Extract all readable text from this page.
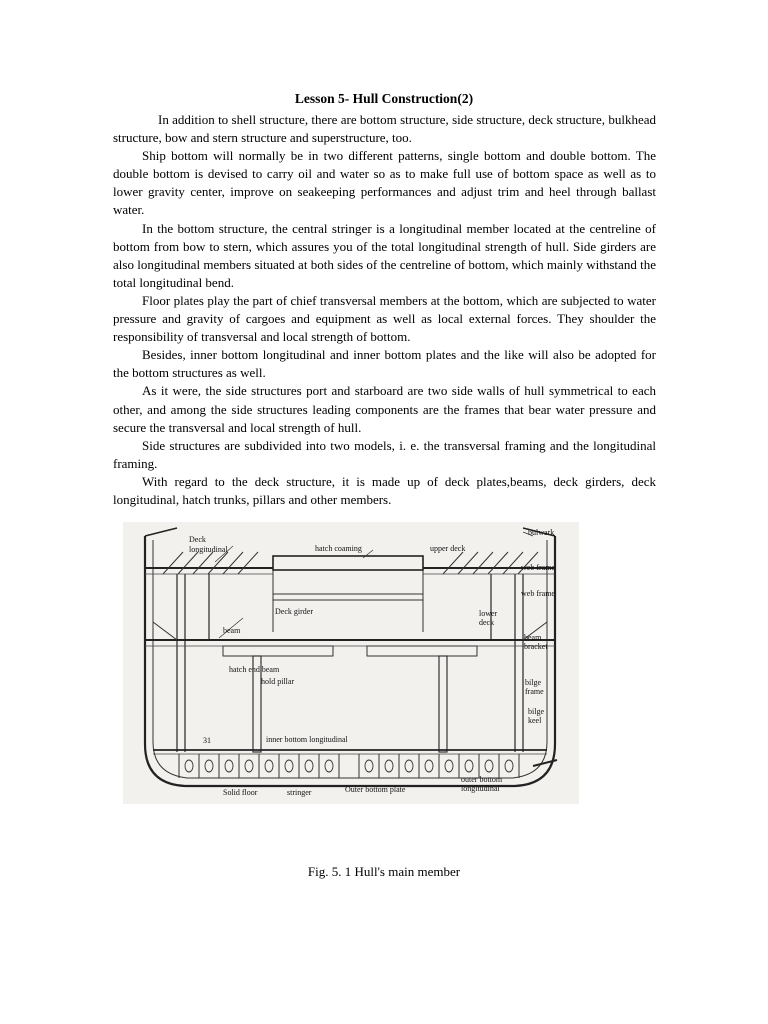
Lesson 5- Hull Construction(2)

In addition to shell structure, there are bottom structure, side structure, deck structure, bulkhead structure, bow and stern structure and superstructure, too.

Ship bottom will normally be in two different patterns, single bottom and double bottom. The double bottom is devised to carry oil and water so as to make full use of bottom space as well as to lower gravity center, improve on seakeeping performances and adjust trim and heel through ballast water.

In the bottom structure, the central stringer is a longitudinal member located at the centreline of bottom from bow to stern, which assures you of the total longitudinal strength of hull. Side girders are also longitudinal members situated at both sides of the centreline of bottom, which mainly withstand the total longitudinal bend.

Floor plates play the part of chief transversal members at the bottom, which are subjected to water pressure and gravity of cargoes and equipment as well as local external forces. They shoulder the responsibility of transversal and local strength of bottom.

Besides, inner bottom longitudinal and inner bottom plates and the like will also be adopted for the bottom structures as well.

As it were, the side structures port and starboard are two side walls of hull symmetrical to each other, and among the side structures leading components are the frames that bear water pressure and secure the transversal and local strength of hull.

Side structures are subdivided into two models, i. e. the transversal framing and the longitudinal framing.

With regard to the deck structure, it is made up of deck plates,beams, deck girders, deck longitudinal, hatch trunks, pillars and other members.

Deck
longitudinal	hatch coaming	upper deck
bulwark
web frame
web frame
Deck girder	lower
deck
beam
beam
bracket
hatch end beam
hold pillar	bilge
frame
bilge
keel
31	inner bottom longitudinal
outer bottom
longitudinal
Solid floor	stringer	Outer bottom plate
Fig. 5. 1 Hull's main member
